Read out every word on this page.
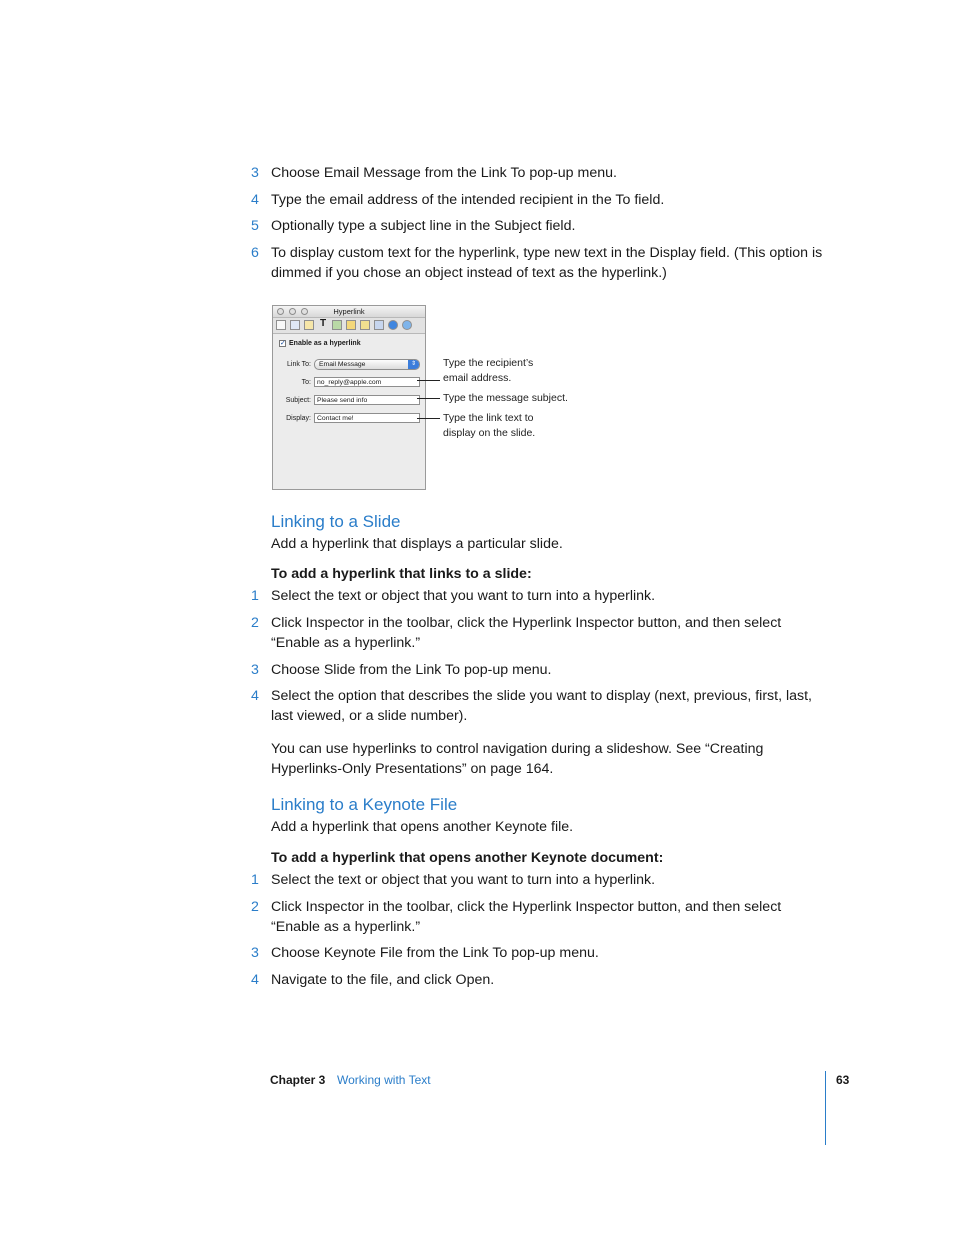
3 Choose Email Message from the Link To pop-up menu.
4 Type the email address of the intended recipient in the To field.
5 Optionally type a subject line in the Subject field.
6 To display custom text for the hyperlink, type new text in the Display field. (This option is dimmed if you chose an object instead of text as the hyperlink.)
Hyperlink
T
✓ Enable as a hyperlink
Link To:	Email Message	⇕
To: no_reply@apple.com
Subject: Please send info
Display: Contact me!
Type the recipient’s email address.
Type the message subject.
Type the link text to display on the slide.
Linking to a Slide
Add a hyperlink that displays a particular slide.
To add a hyperlink that links to a slide:
1 Select the text or object that you want to turn into a hyperlink.
2 Click Inspector in the toolbar, click the Hyperlink Inspector button, and then select “Enable as a hyperlink.”
3 Choose Slide from the Link To pop-up menu.
4 Select the option that describes the slide you want to display (next, previous, first, last, last viewed, or a slide number).
You can use hyperlinks to control navigation during a slideshow. See “Creating Hyperlinks-Only Presentations” on page 164.
Linking to a Keynote File
Add a hyperlink that opens another Keynote file.
To add a hyperlink that opens another Keynote document:
1 Select the text or object that you want to turn into a hyperlink.
2 Click Inspector in the toolbar, click the Hyperlink Inspector button, and then select “Enable as a hyperlink.”
3 Choose Keynote File from the Link To pop-up menu.
4 Navigate to the file, and click Open.
Chapter 3 Working with Text	63
